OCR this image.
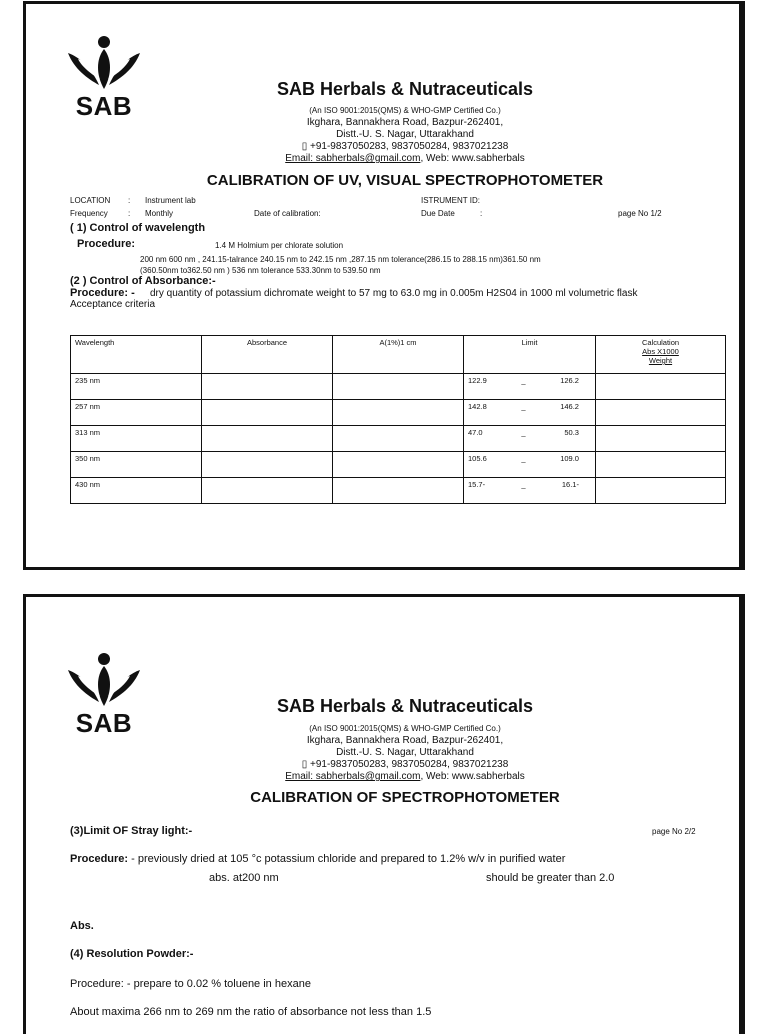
SAB
SAB Herbals & Nutraceuticals
(An ISO 9001:2015(QMS) & WHO-GMP Certified Co.)
Ikghara, Bannakhera Road, Bazpur-262401,
Distt.-U. S. Nagar, Uttarakhand
▯ +91-9837050283, 9837050284, 9837021238
Email: sabherbals@gmail.com, Web: www.sabherbals
CALIBRATION OF UV, VISUAL SPECTROPHOTOMETER
LOCATION : Instrument lab	ISTRUMENT ID:
Frequency	: Monthly	Date of calibration:	Due Date	:	page No 1/2
( 1) Control of wavelength
Procedure:	1.4 M Holmium per chlorate solution
200 nm 600 nm , 241.15-talrance 240.15 nm to 242.15 nm ,287.15 nm tolerance(286.15 to 288.15 nm)361.50 nm
(360.50nm to362.50 nm ) 536 nm tolerance 533.30nm to 539.50 nm
(2 ) Control of Absorbance:-
Procedure: - dry quantity of potassium dichromate weight to 57 mg to 63.0 mg in 0.005m H2S04 in 1000 ml volumetric flask
Acceptance criteria
Wavelength	Absorbance	A(1%)1 cm	Limit	Calculation
Abs X1000
Weight

235 nm			122.9 _ 126.2	

257 nm			142.8 _ 146.2	

313 nm			47.0 _ 50.3	

350 nm			105.6 _ 109.0	

430 nm			15.7- _ 16.1-	

SAB
SAB Herbals & Nutraceuticals
(An ISO 9001:2015(QMS) & WHO-GMP Certified Co.)
Ikghara, Bannakhera Road, Bazpur-262401,
Distt.-U. S. Nagar, Uttarakhand
▯ +91-9837050283, 9837050284, 9837021238
Email: sabherbals@gmail.com, Web: www.sabherbals
CALIBRATION OF SPECTROPHOTOMETER
(3)Limit OF Stray light:-	page No 2/2
Procedure: - previously dried at 105 °c potassium chloride and prepared to 1.2% w/v in purified water
abs. at200 nm	should be greater than 2.0
Abs.
(4) Resolution Powder:-
Procedure: - prepare to 0.02 % toluene in hexane
About maxima 266 nm to 269 nm the ratio of absorbance not less than 1.5
